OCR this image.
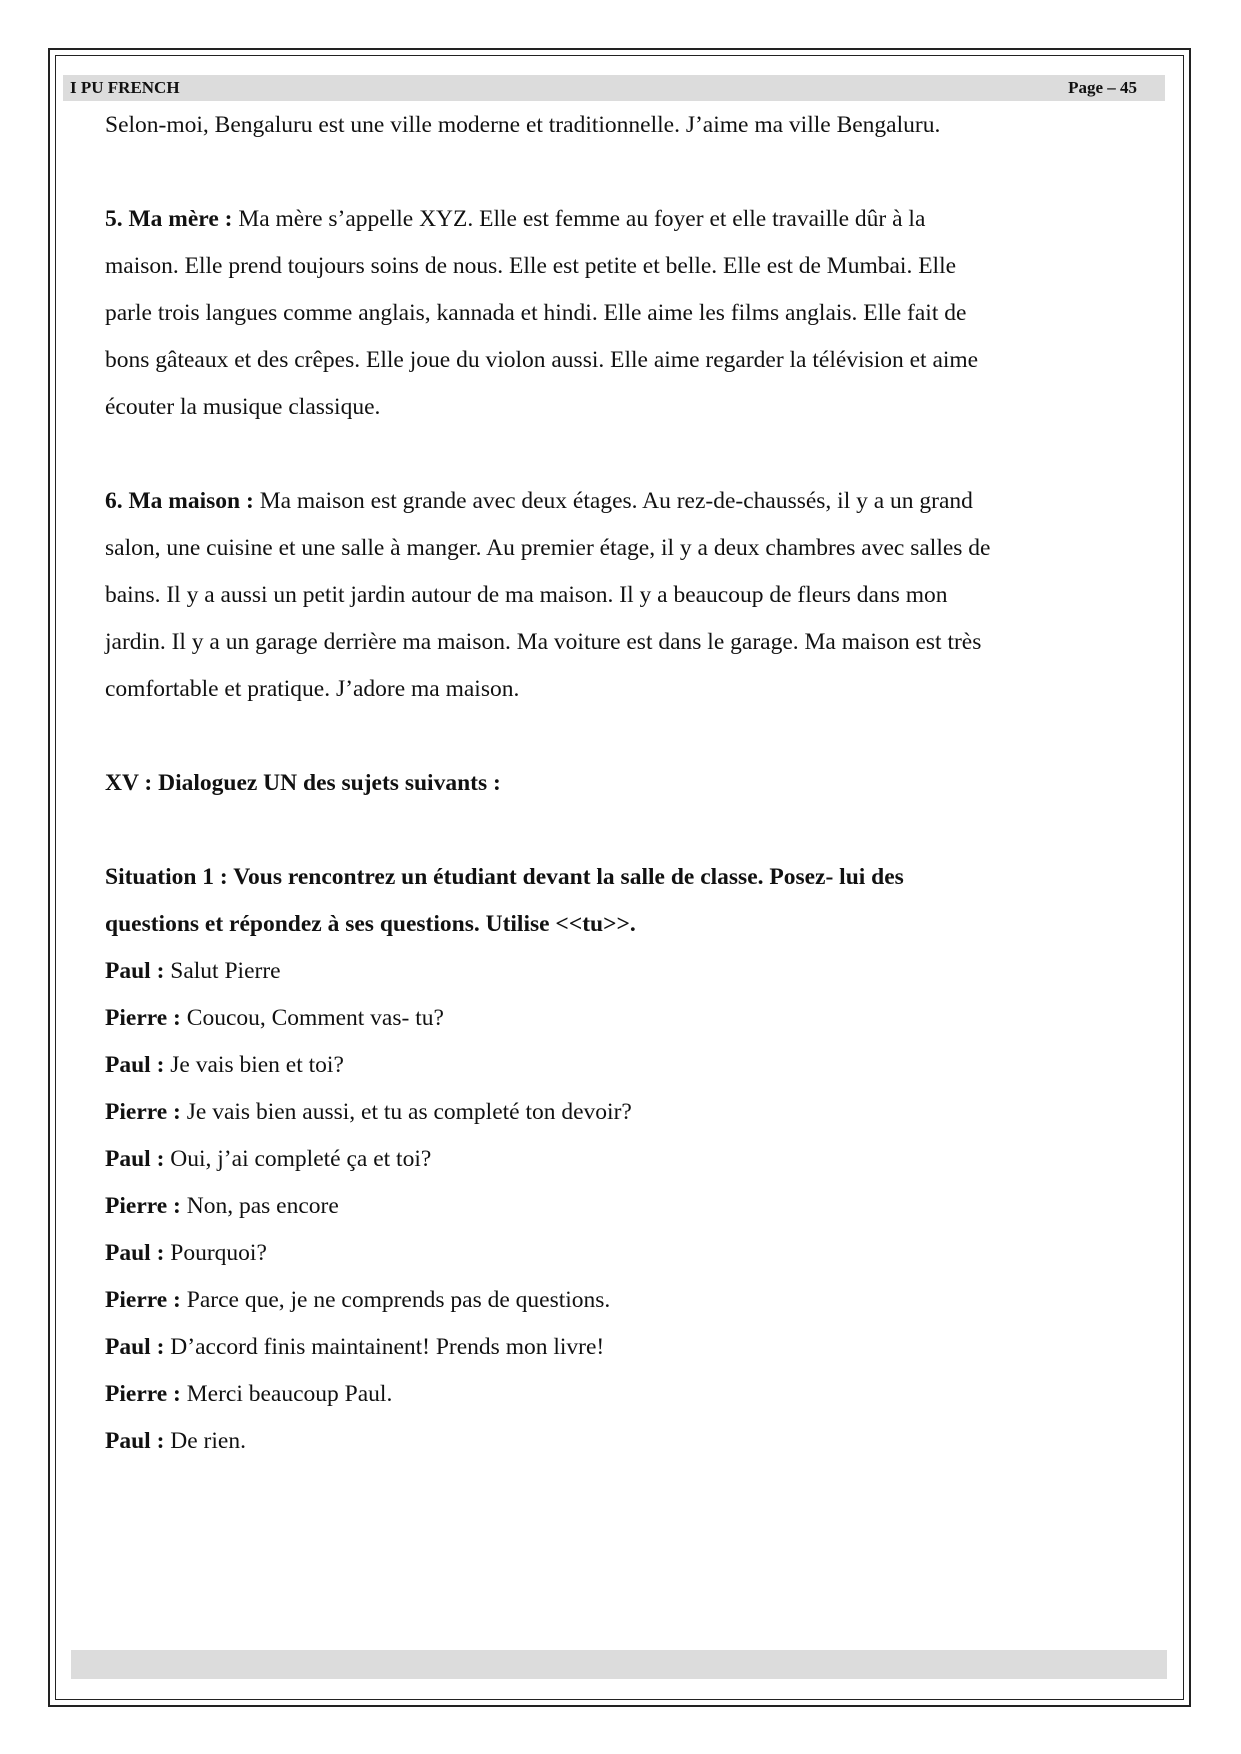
I PU FRENCH	Page – 45

Selon-moi, Bengaluru est une ville moderne et traditionnelle. J’aime ma ville Bengaluru.

5. Ma mère : Ma mère s’appelle XYZ. Elle est femme au foyer et elle travaille dûr à la

maison. Elle prend toujours soins de nous. Elle est petite et belle. Elle est de Mumbai. Elle

parle trois langues comme anglais, kannada et hindi. Elle aime les films anglais. Elle fait de

bons gâteaux et des crêpes. Elle joue du violon aussi. Elle aime regarder la télévision et aime

écouter la musique classique.

6. Ma maison : Ma maison est grande avec deux étages. Au rez-de-chaussés, il y a un grand

salon, une cuisine et une salle à manger. Au premier étage, il y a deux chambres avec salles de

bains. Il y a aussi un petit jardin autour de ma maison. Il y a beaucoup de fleurs dans mon

jardin. Il y a un garage derrière ma maison. Ma voiture est dans le garage. Ma maison est très

comfortable et pratique. J’adore ma maison.

XV : Dialoguez UN des sujets suivants :

Situation 1 : Vous rencontrez un étudiant devant la salle de classe. Posez- lui des

questions et répondez à ses questions. Utilise <<tu>>.

Paul : Salut Pierre

Pierre : Coucou, Comment vas- tu?

Paul : Je vais bien et toi?

Pierre : Je vais bien aussi, et tu as completé ton devoir?

Paul : Oui, j’ai completé ça et toi?

Pierre : Non, pas encore

Paul : Pourquoi?

Pierre : Parce que, je ne comprends pas de questions.

Paul : D’accord finis maintainent! Prends mon livre!

Pierre : Merci beaucoup Paul.

Paul : De rien.
